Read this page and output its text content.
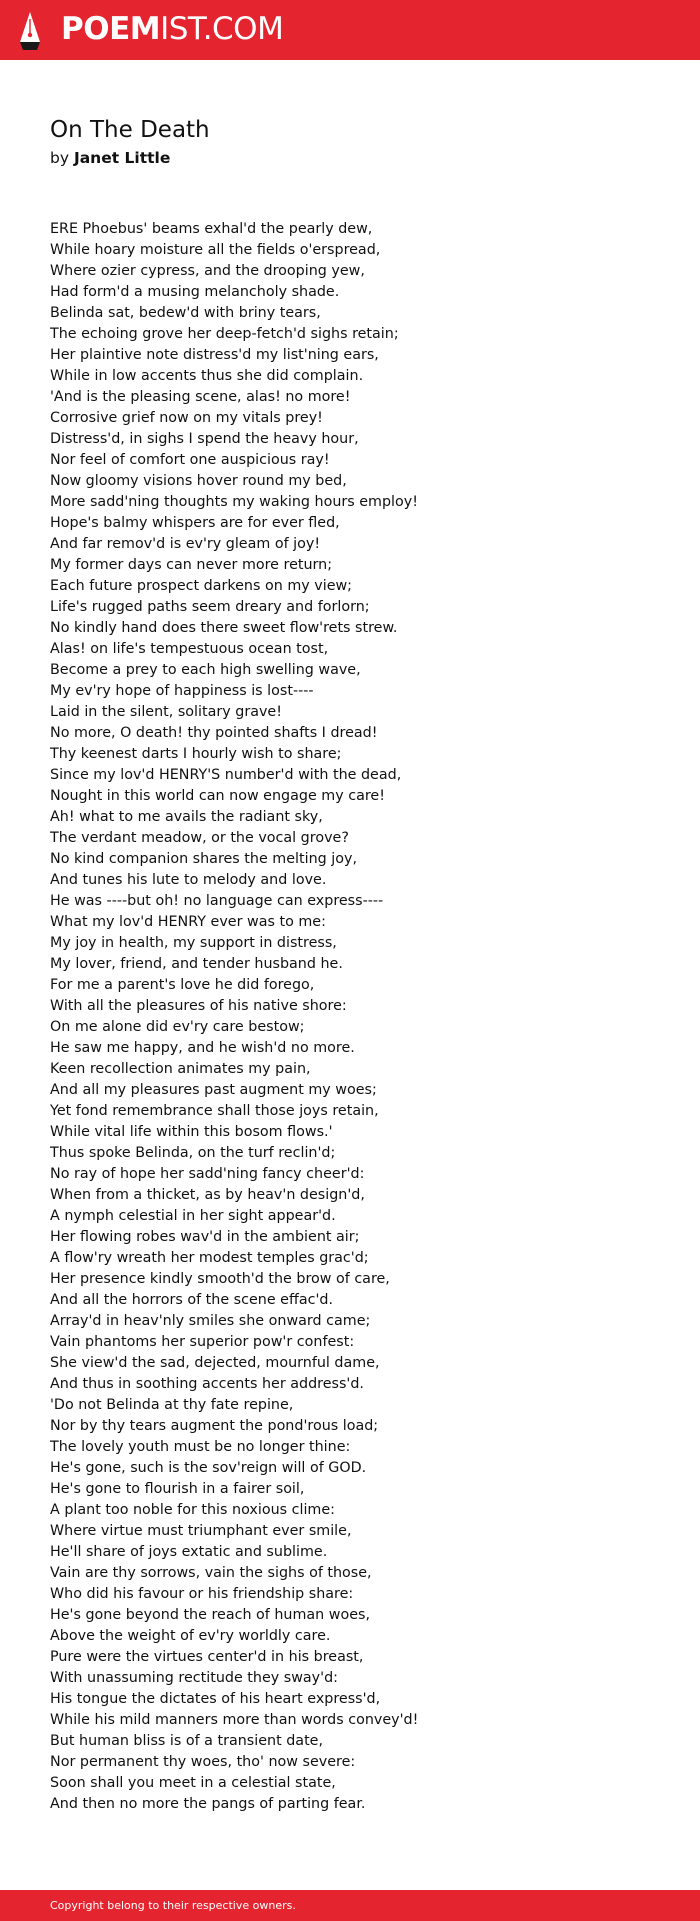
POEMIST.COM
On The Death
by Janet Little
ERE Phoebus' beams exhal'd the pearly dew,
While hoary moisture all the fields o'erspread,
Where ozier cypress, and the drooping yew,
Had form'd a musing melancholy shade.
Belinda sat, bedew'd with briny tears,
The echoing grove her deep-fetch'd sighs retain;
Her plaintive note distress'd my list'ning ears,
While in low accents thus she did complain.
'And is the pleasing scene, alas! no more!
Corrosive grief now on my vitals prey!
Distress'd, in sighs I spend the heavy hour,
Nor feel of comfort one auspicious ray!
Now gloomy visions hover round my bed,
More sadd'ning thoughts my waking hours employ!
Hope's balmy whispers are for ever fled,
And far remov'd is ev'ry gleam of joy!
My former days can never more return;
Each future prospect darkens on my view;
Life's rugged paths seem dreary and forlorn;
No kindly hand does there sweet flow'rets strew.
Alas! on life's tempestuous ocean tost,
Become a prey to each high swelling wave,
My ev'ry hope of happiness is lost----
Laid in the silent, solitary grave!
No more, O death! thy pointed shafts I dread!
Thy keenest darts I hourly wish to share;
Since my lov'd HENRY'S number'd with the dead,
Nought in this world can now engage my care!
Ah! what to me avails the radiant sky,
The verdant meadow, or the vocal grove?
No kind companion shares the melting joy,
And tunes his lute to melody and love.
He was ----but oh! no language can express----
What my lov'd HENRY ever was to me:
My joy in health, my support in distress,
My lover, friend, and tender husband he.
For me a parent's love he did forego,
With all the pleasures of his native shore:
On me alone did ev'ry care bestow;
He saw me happy, and he wish'd no more.
Keen recollection animates my pain,
And all my pleasures past augment my woes;
Yet fond remembrance shall those joys retain,
While vital life within this bosom flows.'
Thus spoke Belinda, on the turf reclin'd;
No ray of hope her sadd'ning fancy cheer'd:
When from a thicket, as by heav'n design'd,
A nymph celestial in her sight appear'd.
Her flowing robes wav'd in the ambient air;
A flow'ry wreath her modest temples grac'd;
Her presence kindly smooth'd the brow of care,
And all the horrors of the scene effac'd.
Array'd in heav'nly smiles she onward came;
Vain phantoms her superior pow'r confest:
She view'd the sad, dejected, mournful dame,
And thus in soothing accents her address'd.
'Do not Belinda at thy fate repine,
Nor by thy tears augment the pond'rous load;
The lovely youth must be no longer thine:
He's gone, such is the sov'reign will of GOD.
He's gone to flourish in a fairer soil,
A plant too noble for this noxious clime:
Where virtue must triumphant ever smile,
He'll share of joys extatic and sublime.
Vain are thy sorrows, vain the sighs of those,
Who did his favour or his friendship share:
He's gone beyond the reach of human woes,
Above the weight of ev'ry worldly care.
Pure were the virtues center'd in his breast,
With unassuming rectitude they sway'd:
His tongue the dictates of his heart express'd,
While his mild manners more than words convey'd!
But human bliss is of a transient date,
Nor permanent thy woes, tho' now severe:
Soon shall you meet in a celestial state,
And then no more the pangs of parting fear.
Copyright belong to their respective owners.
